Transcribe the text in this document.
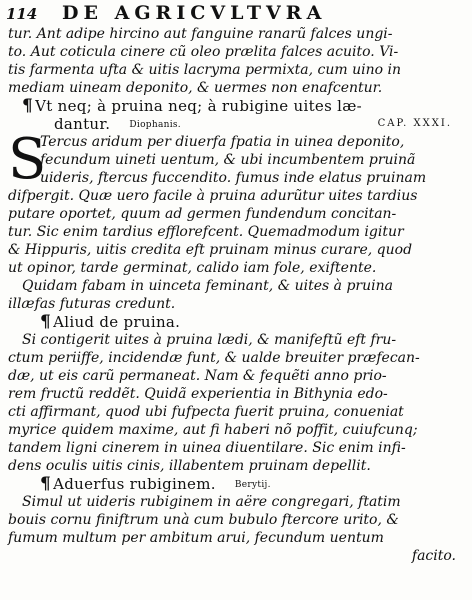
114 DE AGRICVLTVRA
tur. Ant adipe hircino aut fanguine ranarũ falces ungi-
to. Aut coticula cinere cũ oleo prælita falces acuito. Vi-
tis farmenta ufta & uitis lacryma permixta, cum uino in
mediam uineam deponito, & uermes non enafcentur.
¶ Vt neq; à pruina neq; à rubigine uites læ-
dantur. Diophanis.	CAP. XXXI.
S
Tercus aridum per diuerfa fpatia in uinea deponito,
fecundum uineti uentum, & ubi incumbentem pruinã
uideris, ftercus fuccendito. fumus inde elatus pruinam
difpergit. Quæ uero facile à pruina adurũtur uites tardius
putare oportet, quum ad germen fundendum concitan-
tur. Sic enim tardius efflorefcent. Quemadmodum igitur
& Hippuris, uitis credita eft pruinam minus curare, quod
ut opinor, tarde germinat, calido iam fole, exiftente.
Quidam fabam in uinceta feminant, & uites à pruina
illæfas futuras credunt.
¶ Aliud de pruina.
Si contigerit uites à pruina lædi, & manifeftũ eft fru-
ctum periiffe, incidendæ funt, & ualde breuiter præfecan-
dæ, ut eis carũ permaneat. Nam & fequẽti anno prio-
rem fructũ reddẽt. Quidã experientia in Bithynia edo-
cti affirmant, quod ubi fufpecta fuerit pruina, conueniat
myrice quidem maxime, aut fi haberi nõ poffit, cuiufcunq;
tandem ligni cinerem in uinea diuentilare. Sic enim infi-
dens oculis uitis cinis, illabentem pruinam depellit.
¶ Aduerfus rubiginem. Berytij.
Simul ut uideris rubiginem in aëre congregari, ftatim
bouis cornu finiftrum unà cum bubulo ftercore urito, &
fumum multum per ambitum arui, fecundum uentum
facito.
